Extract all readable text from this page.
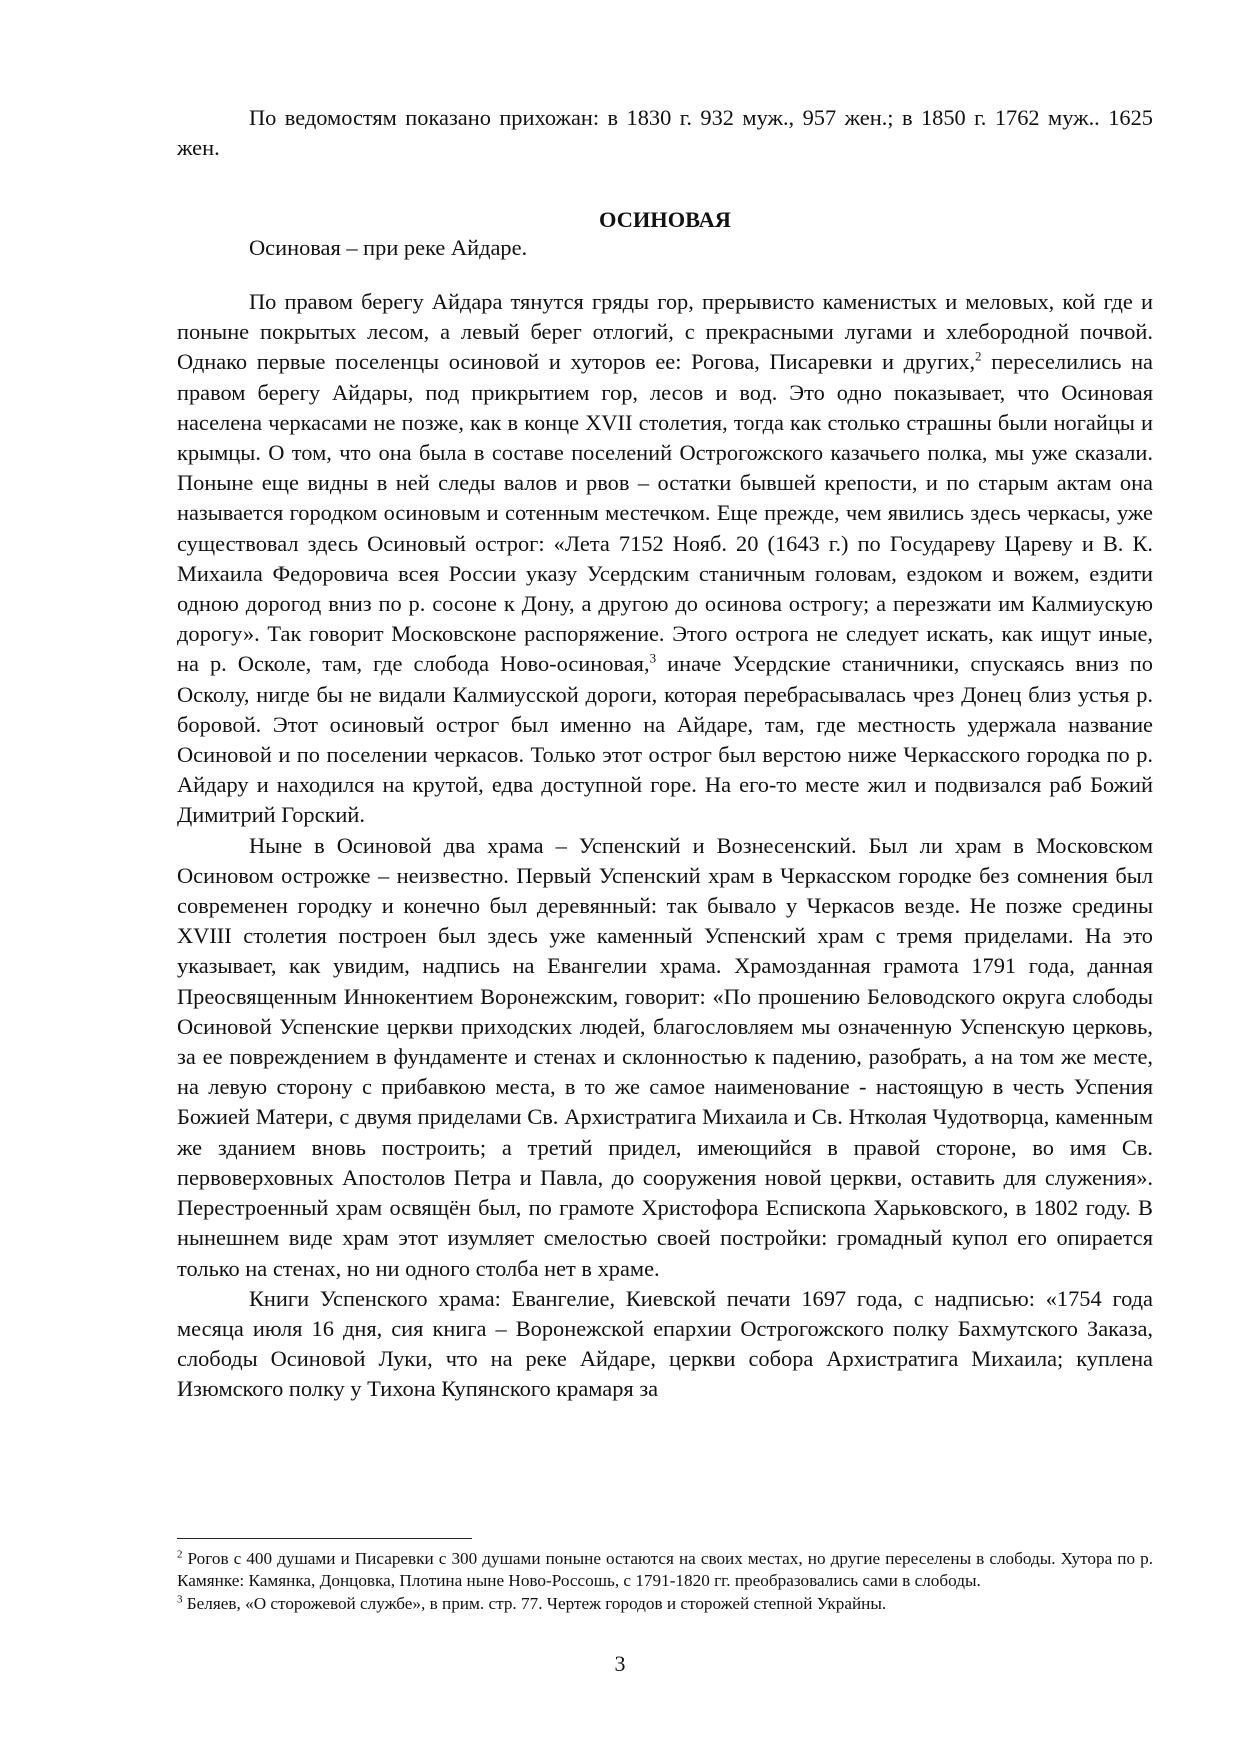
По ведомостям показано прихожан: в 1830 г. 932 муж., 957 жен.; в 1850 г. 1762 муж.. 1625 жен.

ОСИНОВАЯ

Осиновая – при реке Айдаре.

По правом берегу Айдара тянутся гряды гор, прерывисто каменистых и меловых, кой где и поныне покрытых лесом, а левый берег отлогий, с прекрасными лугами и хлебородной почвой. Однако первые поселенцы осиновой и хуторов ее: Рогова, Писаревки и других,$^2$ переселились на правом берегу Айдары, под прикрытием гор, лесов и вод. Это одно показывает, что Осиновая населена черкасами не позже, как в конце XVII столетия, тогда как столько страшны были ногайцы и крымцы. О том, что она была в составе поселений Острогожского казачьего полка, мы уже сказали. Поныне еще видны в ней следы валов и рвов – остатки бывшей крепости, и по старым актам она называется городком осиновым и сотенным местечком. Еще прежде, чем явились здесь черкасы, уже существовал здесь Осиновый острог: «Лета 7152 Нояб. 20 (1643 г.) по Государеву Цареву и В. К. Михаила Федоровича всея России указу Усердским станичным головам, ездоком и вожем, ездити одною дорогод вниз по р. сосоне к Дону, а другою до осинова острогу; а перезжати им Калмиускую дорогу». Так говорит Московсконе распоряжение. Этого острога не следует искать, как ищут иные, на р. Осколе, там, где слобода Ново-осиновая,$^3$ иначе Усердские станичники, спускаясь вниз по Осколу, нигде бы не видали Калмиусской дороги, которая перебрасывалась чрез Донец близ устья р. боровой. Этот осиновый острог был именно на Айдаре, там, где местность удержала название Осиновой и по поселении черкасов. Только этот острог был верстою ниже Черкасского городка по р. Айдару и находился на крутой, едва доступной горе. На его-то месте жил и подвизался раб Божий Димитрий Горский.

Ныне в Осиновой два храма – Успенский и Вознесенский. Был ли храм в Московском Осиновом острожке – неизвестно. Первый Успенский храм в Черкасском городке без сомнения был современен городку и конечно был деревянный: так бывало у Черкасов везде. Не позже средины XVIII столетия построен был здесь уже каменный Успенский храм с тремя приделами. На это указывает, как увидим, надпись на Евангелии храма. Храмозданная грамота 1791 года, данная Преосвященным Иннокентием Воронежским, говорит: «По прошению Беловодского округа слободы Осиновой Успенские церкви приходских людей, благословляем мы означенную Успенскую церковь, за ее повреждением в фундаменте и стенах и склонностью к падению, разобрать, а на том же месте, на левую сторону с прибавкою места, в то же самое наименование - настоящую в честь Успения Божией Матери, с двумя приделами Св. Архистратига Михаила и Св. Нтколая Чудотворца, каменным же зданием вновь построить; а третий придел, имеющийся в правой стороне, во имя Св. первоверховных Апостолов Петра и Павла, до сооружения новой церкви, оставить для служения». Перестроенный храм освящён был, по грамоте Христофора Еспископа Харьковского, в 1802 году. В нынешнем виде храм этот изумляет смелостью своей постройки: громадный купол его опирается только на стенах, но ни одного столба нет в храме.

Книги Успенского храма: Евангелие, Киевской печати 1697 года, с надписью: «1754 года месяца июля 16 дня, сия книга – Воронежской епархии Острогожского полку Бахмутского Заказа, слободы Осиновой Луки, что на реке Айдаре, церкви собора Архистратига Михаила; куплена Изюмского полку у Тихона Купянского крамаря за

$^2$ Рогов с 400 душами и Писаревки с 300 душами поныне остаются на своих местах, но другие переселены в слободы. Хутора по р. Камянке: Камянка, Донцовка, Плотина ныне Ново-Россошь, с 1791-1820 гг. преобразовались сами в слободы.

$^3$ Беляев, «О сторожевой службе», в прим. стр. 77. Чертеж городов и сторожей степной Украйны.

3
